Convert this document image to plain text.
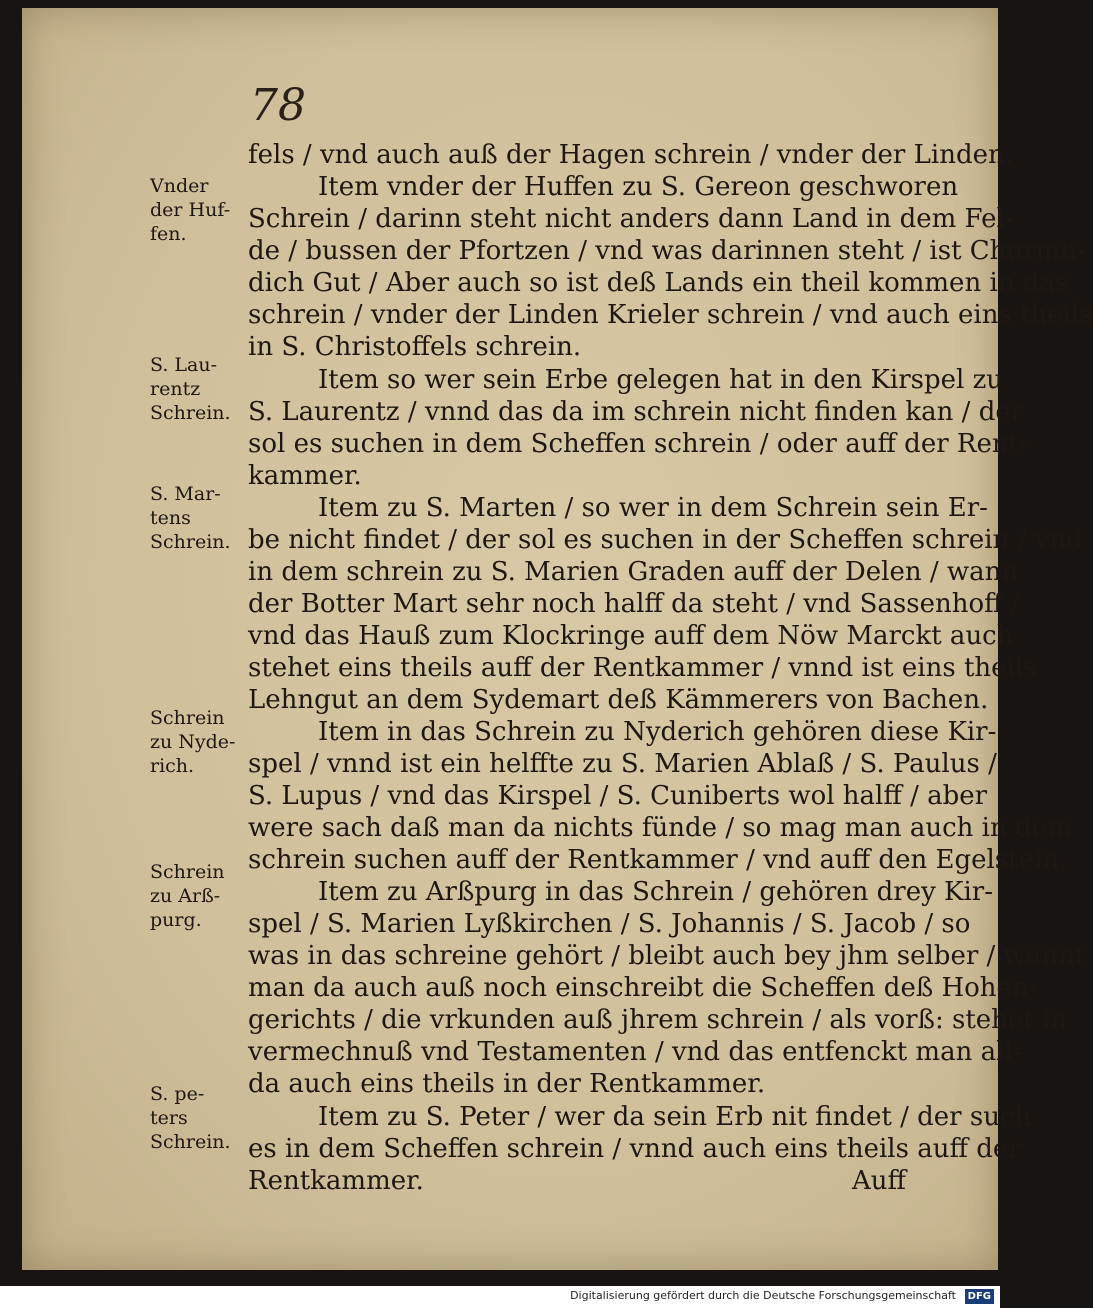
78
fels / vnd auch auß der Hagen schrein / vnder der Linden.
Item vnder der Huffen zu S. Gereon geschworen
Schrein / darinn steht nicht anders dann Land in dem Fel-
de / bussen der Pfortzen / vnd was darinnen steht / ist Churmu-
dich Gut / Aber auch so ist deß Lands ein theil kommen in das
schrein / vnder der Linden Krieler schrein / vnd auch eins theils
in S. Christoffels schrein.
Item so wer sein Erbe gelegen hat in den Kirspel zu
S. Laurentz / vnnd das da im schrein nicht finden kan / der
sol es suchen in dem Scheffen schrein / oder auff der Rent-
kammer.
Item zu S. Marten / so wer in dem Schrein sein Er-
be nicht findet / der sol es suchen in der Scheffen schrein / vnd
in dem schrein zu S. Marien Graden auff der Delen / wann
der Botter Mart sehr noch halff da steht / vnd Sassenhoff /
vnd das Hauß zum Klockringe auff dem Nöw Marckt auch
stehet eins theils auff der Rentkammer / vnnd ist eins theils
Lehngut an dem Sydemart deß Kämmerers von Bachen.
Item in das Schrein zu Nyderich gehören diese Kir-
spel / vnnd ist ein helffte zu S. Marien Ablaß / S. Paulus /
S. Lupus / vnd das Kirspel / S. Cuniberts wol halff / aber
were sach daß man da nichts fünde / so mag man auch in dem
schrein suchen auff der Rentkammer / vnd auff den Egelstein.
Item zu Arßpurg in das Schrein / gehören drey Kir-
spel / S. Marien Lyßkirchen / S. Johannis / S. Jacob / so
was in das schreine gehört / bleibt auch bey jhm selber / wannt
man da auch auß noch einschreibt die Scheffen deß Hohen-
gerichts / die vrkunden auß jhrem schrein / als vorß: stehet in
vermechnuß vnd Testamenten / vnd das entfenckt man all-
da auch eins theils in der Rentkammer.
Item zu S. Peter / wer da sein Erb nit findet / der such
es in dem Scheffen schrein / vnnd auch eins theils auff der
Rentkammer.	Auff
Vnder
der Huf-
fen.
S. Lau-
rentz
Schrein.
S. Mar-
tens
Schrein.
Schrein
zu Nyde-
rich.
Schrein
zu Arß-
purg.
S. pe-
ters
Schrein.
Digitalisierung gefördert durch die Deutsche Forschungsgemeinschaft	DFG
